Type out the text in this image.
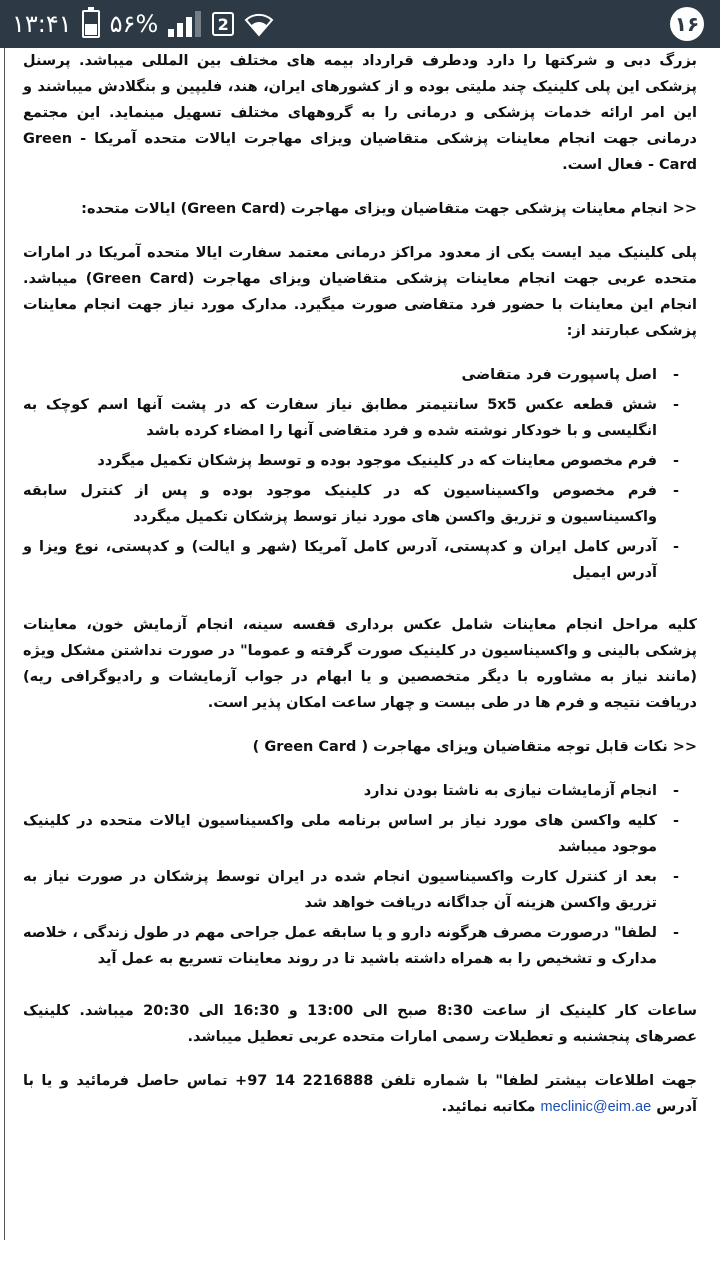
۱۳:۴۱ ۵۶%	2	۱۶

بزرگ دبی و شرکتها را دارد ودطرف قرارداد بیمه های مختلف بین المللی میباشد. پرسنل پزشکی این پلی کلینیک چند ملیتی بوده و از کشورهای ایران، هند، فلیپین و بنگلادش میباشند و این امر ارائه خدمات پزشکی و درمانی را به گروههای مختلف تسهیل مینماید. این مجتمع درمانی جهت انجام معاینات پزشکی متقاضیان ویزای مهاجرت ایالات متحده آمریکا - Green Card - فعال است.

<< انجام معاینات پزشکی جهت متقاضیان ویزای مهاجرت (Green Card) ایالات متحده:

پلی کلینیک مید ایست یکی از معدود مراکز درمانی معتمد سفارت ایالا متحده آمریکا در امارات متحده عربی جهت انجام معاینات پزشکی متقاضیان ویزای مهاجرت (Green Card) میباشد. انجام این معاینات با حضور فرد متقاضی صورت میگیرد. مدارک مورد نیاز جهت انجام معاینات پزشکی عبارتند از:

- اصل پاسپورت فرد متقاضی
- شش قطعه عکس 5x5 سانتیمتر مطابق نیاز سفارت که در پشت آنها اسم کوچک به انگلیسی و با خودکار نوشته شده و فرد متقاضی آنها را امضاء کرده باشد
- فرم مخصوص معاینات که در کلینیک موجود بوده و توسط پزشکان تکمیل میگردد
- فرم مخصوص واکسیناسیون که در کلینیک موجود بوده و پس از کنترل سابقه واکسیناسیون و تزریق واکسن های مورد نیاز توسط پزشکان تکمیل میگردد
- آدرس کامل ایران و کدپستی، آدرس کامل آمریکا (شهر و ایالت) و کدپستی، نوع ویزا و آدرس ایمیل

کلیه مراحل انجام معاینات شامل عکس برداری قفسه سینه، انجام آزمایش خون، معاینات پزشکی بالینی و واکسیناسیون در کلینیک صورت گرفته و عموما" در صورت نداشتن مشکل ویژه (مانند نیاز به مشاوره با دیگر متخصصین و یا ابهام در جواب آزمایشات و رادیوگرافی ریه) دریافت نتیجه و فرم ها در طی بیست و چهار ساعت امکان پذیر است.

<< نکات قابل توجه متقاضیان ویزای مهاجرت ( Green Card )

- انجام آزمایشات نیازی به ناشتا بودن ندارد
- کلیه واکسن های مورد نیاز بر اساس برنامه ملی واکسیناسیون ایالات متحده در کلینیک موجود میباشد
- بعد از کنترل کارت واکسیناسیون انجام شده در ایران توسط پزشکان در صورت نیاز به تزریق واکسن هزینه آن جداگانه دریافت خواهد شد
- لطفا" درصورت مصرف هرگونه دارو و یا سابقه عمل جراحی مهم در طول زندگی ، خلاصه مدارک و تشخیص را به همراه داشته باشید تا در روند معاینات تسریع به عمل آید

ساعات کار کلینیک از ساعت 8:30 صبح الی 13:00 و 16:30 الی 20:30 میباشد. کلینیک عصرهای پنجشنبه و تعطیلات رسمی امارات متحده عربی تعطیل میباشد.

جهت اطلاعات بیشتر لطفا" با شماره تلفن 2216888 14 97+ تماس حاصل فرمائید و یا با آدرس meclinic@eim.ae مکاتبه نمائید.
